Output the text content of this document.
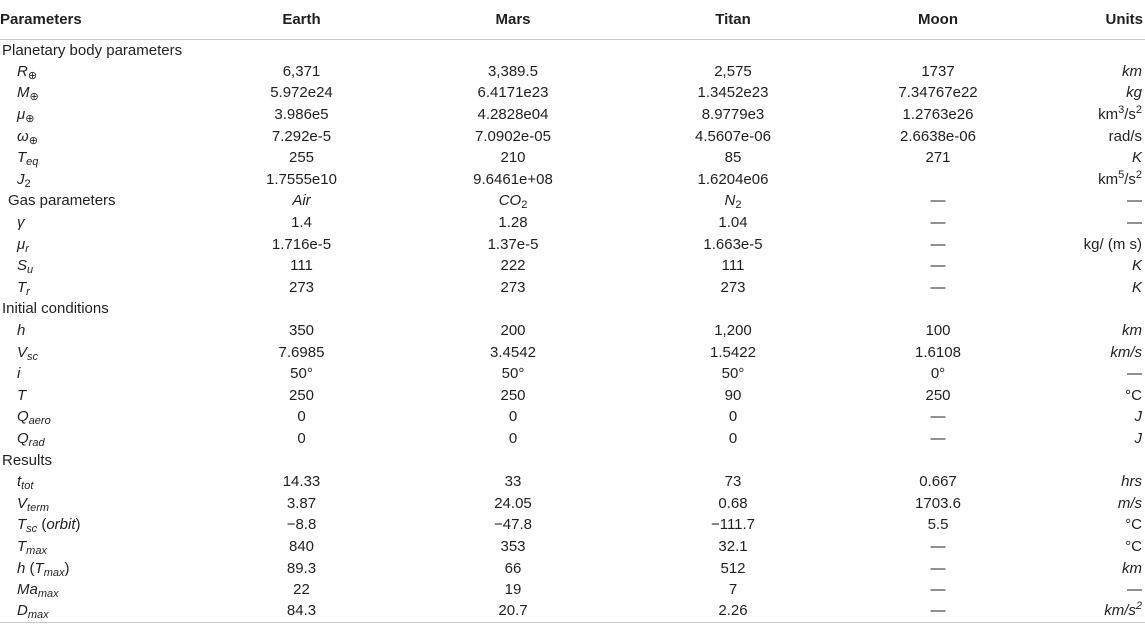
Parameters	Earth	Mars	Titan	Moon	Units
Planetary body parameters					
$R_\oplus$	6,371	3,389.5	2,575	1737	km
$M_\oplus$	5.972e24	6.4171e23	1.3452e23	7.34767e22	kg
$\mu_\oplus$	3.986e5	4.2828e04	8.9779e3	1.2763e26	$km^3/s^2$
$\omega_\oplus$	7.292e-5	7.0902e-05	4.5607e-06	2.6638e-06	rad/s
$T_{eq}$	255	210	85	271	K
$J_2$	1.7555e10	9.6461e+08	1.6204e06		$km^5/s^2$
Gas parameters	Air	$CO_2$	$N_2$	—	—
γ	1.4	1.28	1.04	—	—
$\mu_r$	1.716e-5	1.37e-5	1.663e-5	—	kg/ (m s)
$S_u$	111	222	111	—	K
$T_r$	273	273	273	—	K
Initial conditions					
h	350	200	1,200	100	km
$V_{sc}$	7.6985	3.4542	1.5422	1.6108	km/s
i	50°	50°	50°	0°	—
T	250	250	90	250	°C
$Q_{aero}$	0	0	0	—	J
$Q_{rad}$	0	0	0	—	J
Results					
$t_{tot}$	14.33	33	73	0.667	hrs
$V_{term}$	3.87	24.05	0.68	1703.6	m/s
$T_{sc}$ (orbit)	−8.8	−47.8	−111.7	5.5	°C
$T_{max}$	840	353	32.1	—	°C
h $(T_{max})$	89.3	66	512	—	km
$Ma_{max}$	22	19	7	—	—
$D_{max}$	84.3	20.7	2.26	—	$km/s^2$
